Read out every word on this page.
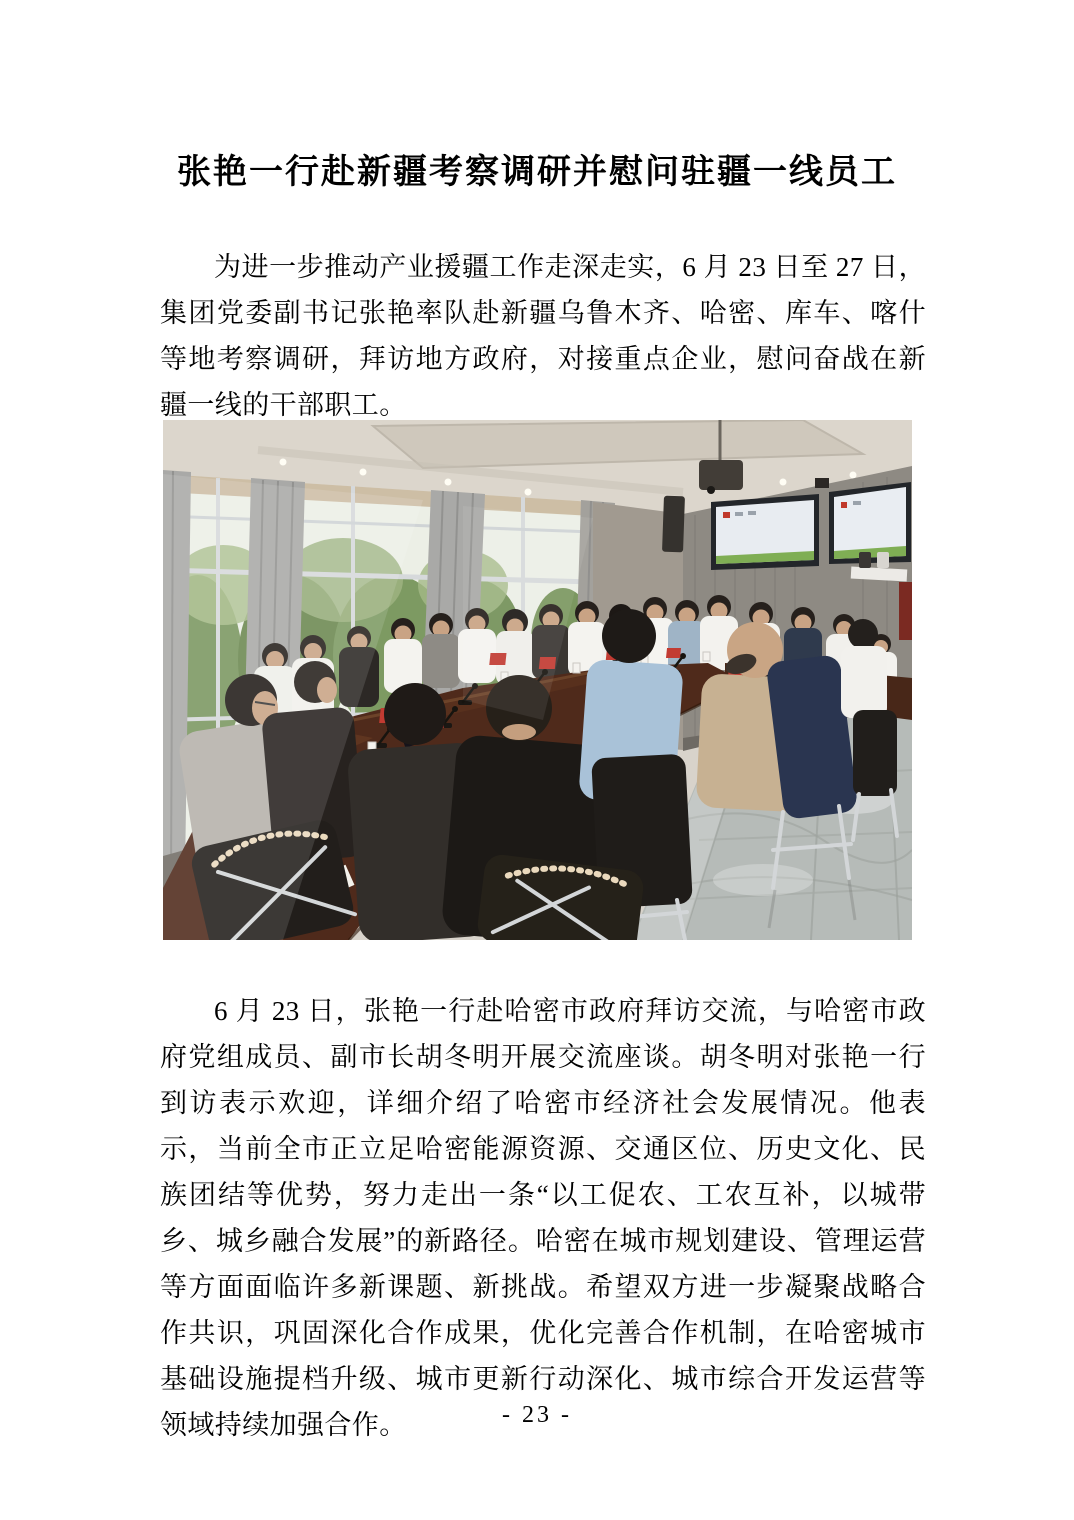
张艳一行赴新疆考察调研并慰问驻疆一线员工

为进一步推动产业援疆工作走深走实，6 月 23 日至 27 日，集团党委副书记张艳率队赴新疆乌鲁木齐、哈密、库车、喀什等地考察调研，拜访地方政府，对接重点企业，慰问奋战在新疆一线的干部职工。

6 月 23 日，张艳一行赴哈密市政府拜访交流，与哈密市政府党组成员、副市长胡冬明开展交流座谈。胡冬明对张艳一行到访表示欢迎，详细介绍了哈密市经济社会发展情况。他表示，当前全市正立足哈密能源资源、交通区位、历史文化、民族团结等优势，努力走出一条“以工促农、工农互补，以城带乡、城乡融合发展”的新路径。哈密在城市规划建设、管理运营等方面面临许多新课题、新挑战。希望双方进一步凝聚战略合作共识，巩固深化合作成果，优化完善合作机制，在哈密城市基础设施提档升级、城市更新行动深化、城市综合开发运营等领域持续加强合作。	- 23 -
